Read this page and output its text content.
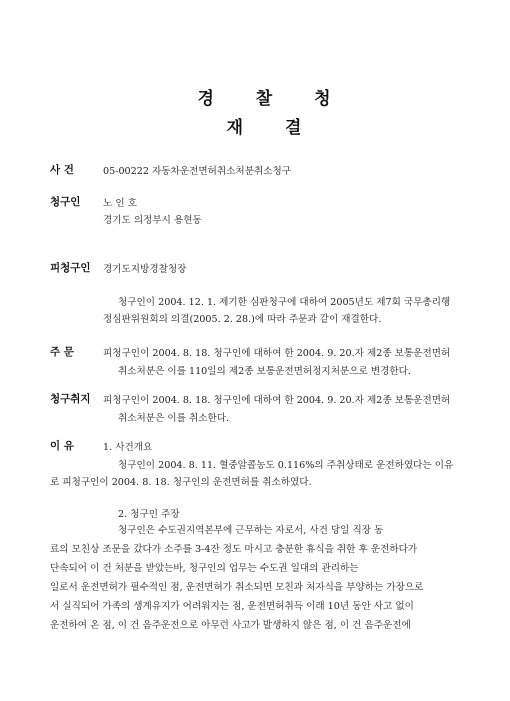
경 찰 청
재 결
사 건	05-00222 자동차운전면허취소처분취소청구
청구인 노 인 호
경기도 의정부시 용현동
피청구인 경기도지방경찰청장
청구인이 2004. 12. 1. 제기한 심판청구에 대하여 2005년도 제7회 국무총리행
정심판위원회의 의결(2005. 2. 28.)에 따라 주문과 같이 재결한다.
주 문	피청구인이 2004. 8. 18. 청구인에 대하여 한 2004. 9. 20.자 제2종 보통운전면허
취소처분은 이를 110일의 제2종 보통운전면허정지처분으로 변경한다.
청구취지 피청구인이 2004. 8. 18. 청구인에 대하여 한 2004. 9. 20.자 제2종 보통운전면허
취소처분은 이를 취소한다.
이 유	1. 사건개요
청구인이 2004. 8. 11. 혈중알콜농도 0.116%의 주취상태로 운전하였다는 이유
로 피청구인이 2004. 8. 18. 청구인의 운전면허를 취소하였다.
2. 청구인 주장
청구인은 수도권지역본부에 근무하는 자로서, 사건 당일 직장 동
료의 모친상 조문을 갔다가 소주를 3-4잔 정도 마시고 충분한 휴식을 취한 후 운전하다가
단속되어 이 건 처분을 받았는바, 청구인의 업무는 수도권 일대의 관리하는
일로서 운전면허가 필수적인 점, 운전면허가 취소되면 모친과 처자식을 부양하는 가장으로
서 실직되어 가족의 생계유지가 어려워지는 점, 운전면허취득 이래 10년 동안 사고 없이
운전하여 온 점, 이 건 음주운전으로 아무런 사고가 발생하지 않은 점, 이 건 음주운전에
